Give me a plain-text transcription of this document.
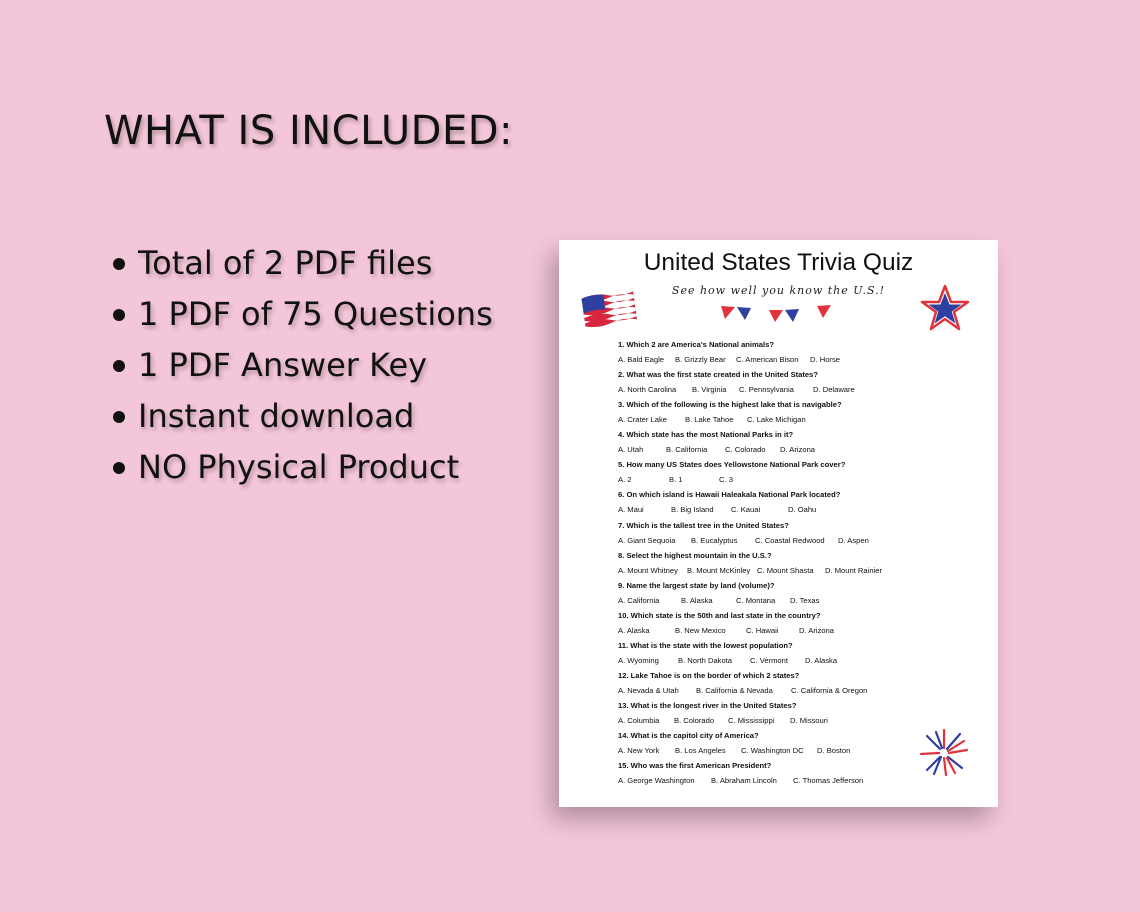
WHAT IS INCLUDED:
Total of 2 PDF files
1 PDF of 75 Questions
1 PDF Answer Key
Instant download
NO Physical Product
United States Trivia Quiz
See how well you know the U.S.!
1. Which 2 are America's National animals?
A. Bald Eagle B. Grizzly Bear C. American Bison D. Horse
2. What was the first state created in the United States?
A. North Carolina B. Virginia C. Pennsylvania	D. Delaware
3. Which of the following is the highest lake that is navigable?
A. Crater Lake B. Lake Tahoe C. Lake Michigan
4. Which state has the most National Parks in it?
A. Utah	B. California C. Colorado D. Arizona
5. How many US States does Yellowstone National Park cover?
A. 2	B. 1	C. 3
6. On which island is Hawaii Haleakala National Park located?
A. Maui	B. Big Island C. Kauai	D. Oahu
7. Which is the tallest tree in the United States?
A. Giant Sequoia B. Eucalyptus C. Coastal Redwood D. Aspen
8. Select the highest mountain in the U.S.?
A. Mount Whitney B. Mount McKinley C. Mount Shasta D. Mount Rainier
9. Name the largest state by land (volume)?
A. California	B. Alaska	C. Montana D. Texas
10. Which state is the 50th and last state in the country?
A. Alaska	B. New Mexico	C. Hawaii	D. Arizona
11. What is the state with the lowest population?
A. Wyoming	B. North Dakota C. Vermont D. Alaska
12. Lake Tahoe is on the border of which 2 states?
A. Nevada & Utah B. California & Nevada C. California & Oregon
13. What is the longest river in the United States?
A. Columbia B. Colorado C. Mississippi D. Missouri
14. What is the capitol city of America?
A. New York B. Los Angeles C. Washington DC D. Boston
15. Who was the first American President?
A. George Washington B. Abraham Lincoln C. Thomas Jefferson
